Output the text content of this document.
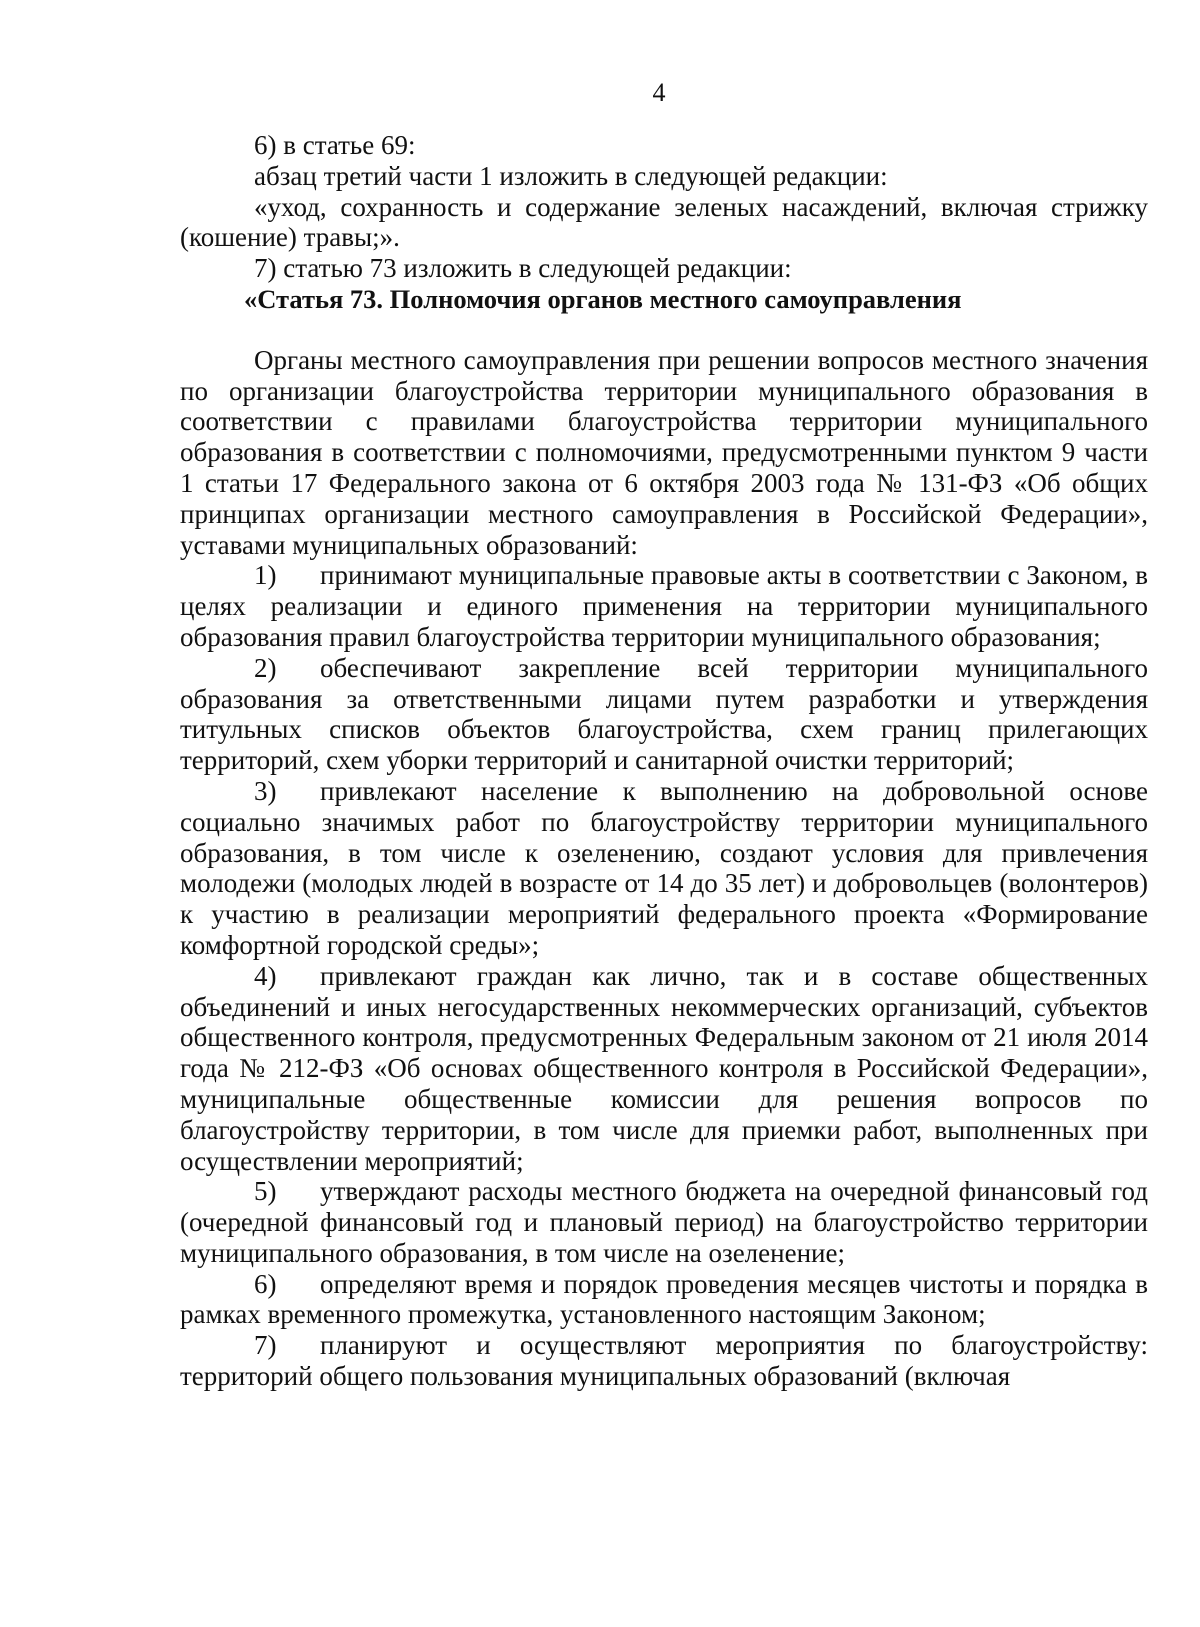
4

6) в статье 69:

абзац третий части 1 изложить в следующей редакции:

«уход, сохранность и содержание зеленых насаждений, включая стрижку (кошение) травы;».

7) статью 73 изложить в следующей редакции:

«Статья 73. Полномочия органов местного самоуправления

Органы местного самоуправления при решении вопросов местного значения по организации благоустройства территории муниципального образования в соответствии с правилами благоустройства территории муниципального образования в соответствии с полномочиями, предусмотренными пунктом 9 части 1 статьи 17 Федерального закона от 6 октября 2003 года № 131-ФЗ «Об общих принципах организации местного самоуправления в Российской Федерации», уставами муниципальных образований:

1) принимают муниципальные правовые акты в соответствии с Законом, в целях реализации и единого применения на территории муниципального образования правил благоустройства территории муниципального образования;

2) обеспечивают закрепление всей территории муниципального образования за ответственными лицами путем разработки и утверждения титульных списков объектов благоустройства, схем границ прилегающих территорий, схем уборки территорий и санитарной очистки территорий;

3) привлекают население к выполнению на добровольной основе социально значимых работ по благоустройству территории муниципального образования, в том числе к озеленению, создают условия для привлечения молодежи (молодых людей в возрасте от 14 до 35 лет) и добровольцев (волонтеров) к участию в реализации мероприятий федерального проекта «Формирование комфортной городской среды»;

4) привлекают граждан как лично, так и в составе общественных объединений и иных негосударственных некоммерческих организаций, субъектов общественного контроля, предусмотренных Федеральным законом от 21 июля 2014 года № 212-ФЗ «Об основах общественного контроля в Российской Федерации», муниципальные общественные комиссии для решения вопросов по благоустройству территории, в том числе для приемки работ, выполненных при осуществлении мероприятий;

5) утверждают расходы местного бюджета на очередной финансовый год (очередной финансовый год и плановый период) на благоустройство территории муниципального образования, в том числе на озеленение;

6) определяют время и порядок проведения месяцев чистоты и порядка в рамках временного промежутка, установленного настоящим Законом;

7) планируют и осуществляют мероприятия по благоустройству: территорий общего пользования муниципальных образований (включая
